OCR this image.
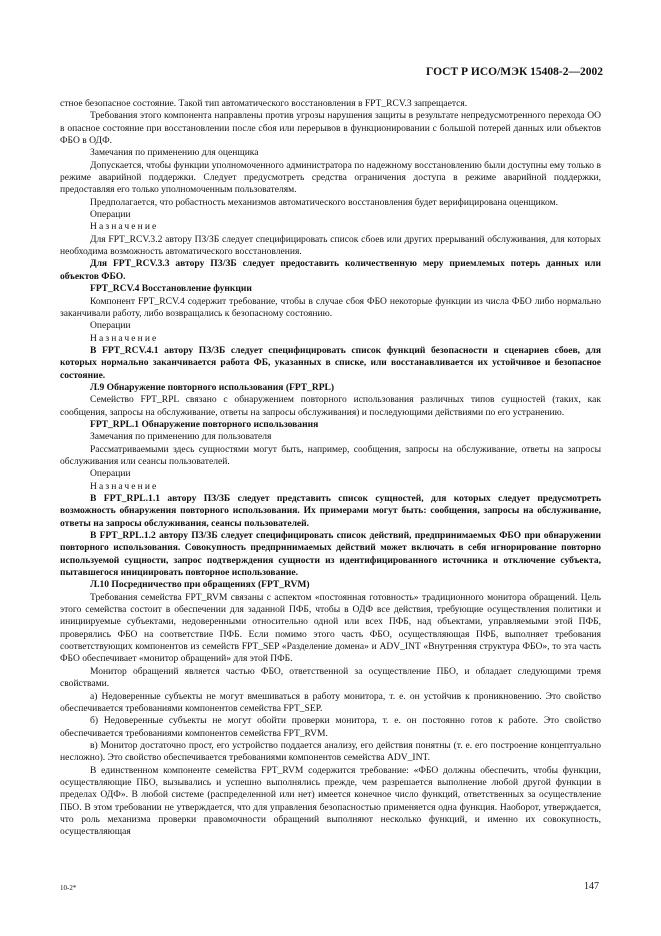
ГОСТ Р ИСО/МЭК 15408-2—2002

стное безопасное состояние. Такой тип автоматического восстановления в FPT_RCV.3 запрещается.

Требования этого компонента направлены против угрозы нарушения защиты в результате непредусмотренного перехода ОО в опасное состояние при восстановлении после сбоя или перерывов в функционировании с большой потерей данных или объектов ФБО в ОДФ.

Замечания по применению для оценщика

Допускается, чтобы функции уполномоченного администратора по надежному восстановлению были доступны ему только в режиме аварийной поддержки. Следует предусмотреть средства ограничения доступа в режиме аварийной поддержки, предоставляя его только уполномоченным пользователям.

Предполагается, что робастность механизмов автоматического восстановления будет верифицирована оценщиком.

Операции

Назначение

Для FPT_RCV.3.2 автору ПЗ/ЗБ следует специфицировать список сбоев или других прерываний обслуживания, для которых необходима возможность автоматического восстановления.

Для FPT_RCV.3.3 автору ПЗ/ЗБ следует предоставить количественную меру приемлемых потерь данных или объектов ФБО.

FPT_RCV.4 Восстановление функции

Компонент FPT_RCV.4 содержит требование, чтобы в случае сбоя ФБО некоторые функции из числа ФБО либо нормально заканчивали работу, либо возвращались к безопасному состоянию.

Операции

Назначение

В FPT_RCV.4.1 автору ПЗ/ЗБ следует специфицировать список функций безопасности и сценариев сбоев, для которых нормально заканчивается работа ФБ, указанных в списке, или восстанавливается их устойчивое и безопасное состояние.

Л.9 Обнаружение повторного использования (FPT_RPL)

Семейство FPT_RPL связано с обнаружением повторного использования различных типов сущностей (таких, как сообщения, запросы на обслуживание, ответы на запросы обслуживания) и последующими действиями по его устранению.

FPT_RPL.1 Обнаружение повторного использования

Замечания по применению для пользователя

Рассматриваемыми здесь сущностями могут быть, например, сообщения, запросы на обслуживание, ответы на запросы обслуживания или сеансы пользователей.

Операции

Назначение

В FPT_RPL.1.1 автору ПЗ/ЗБ следует представить список сущностей, для которых следует предусмотреть возможность обнаружения повторного использования. Их примерами могут быть: сообщения, запросы на обслуживание, ответы на запросы обслуживания, сеансы пользователей.

В FPT_RPL.1.2 автору ПЗ/ЗБ следует специфицировать список действий, предпринимаемых ФБО при обнаружении повторного использования. Совокупность предпринимаемых действий может включать в себя игнорирование повторно используемой сущности, запрос подтверждения сущности из идентифицированного источника и отключение субъекта, пытавшегося инициировать повторное использование.

Л.10 Посредничество при обращениях (FPT_RVM)

Требования семейства FPT_RVM связаны с аспектом «постоянная готовность» традиционного монитора обращений. Цель этого семейства состоит в обеспечении для заданной ПФБ, чтобы в ОДФ все действия, требующие осуществления политики и инициируемые субъектами, недоверенными относительно одной или всех ПФБ, над объектами, управляемыми этой ПФБ, проверялись ФБО на соответствие ПФБ. Если помимо этого часть ФБО, осуществляющая ПФБ, выполняет требования соответствующих компонентов из семейств FPT_SEP «Разделение домена» и ADV_INT «Внутренняя структура ФБО», то эта часть ФБО обеспечивает «монитор обращений» для этой ПФБ.

Монитор обращений является частью ФБО, ответственной за осуществление ПБО, и обладает следующими тремя свойствами.

а) Недоверенные субъекты не могут вмешиваться в работу монитора, т. е. он устойчив к проникновению. Это свойство обеспечивается требованиями компонентов семейства FPT_SEP.

б) Недоверенные субъекты не могут обойти проверки монитора, т. е. он постоянно готов к работе. Это свойство обеспечивается требованиями компонентов семейства FPT_RVM.

в) Монитор достаточно прост, его устройство поддается анализу, его действия понятны (т. е. его построение концептуально несложно). Это свойство обеспечивается требованиями компонентов семейства ADV_INT.

В единственном компоненте семейства FPT_RVM содержится требование: «ФБО должны обеспечить, чтобы функции, осуществляющие ПБО, вызывались и успешно выполнялись прежде, чем разрешается выполнение любой другой функции в пределах ОДФ». В любой системе (распределенной или нет) имеется конечное число функций, ответственных за осуществление ПБО. В этом требовании не утверждается, что для управления безопасностью применяется одна функция. Наоборот, утверждается, что роль механизма проверки правомочности обращений выполняют несколько функций, и именно их совокупность, осуществляющая

10-2*	147
